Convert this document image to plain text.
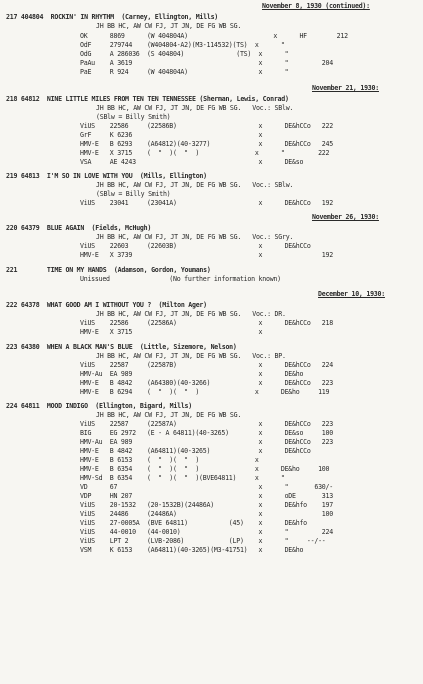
November 8, 1930 (continued):
217 404804  ROCKIN' IN RHYTHM  (Carney, Ellington, Mills)
JH BB HC, AW CW FJ, JT JN, DE FG WB SG.
OK      8869      (W 404804A)                       x      HF        212
OdF     279744    (W404804-A2)(M3-114532)(TS)  x      "
OdG     A 286036  (S 404804)              (TS)  x      "
PaAu    A 3619                                  x      "         204
PaE     R 924     (W 404804A)                   x      "
November 21, 1930:
218 64812  NINE LITTLE MILES FROM TEN TEN TENNESSEE (Sherman, Lewis, Conrad)
JH BB HC, AW CW FJ, JT JN, DE FG WB SG.   Voc.: SBlw.
(SBlw = Billy Smith)
ViUS    22586     (22586B)                      x      DE&hCCo   222
GrF     K 6236                                  x
HMV-E   B 6293    (A64812)(40-3277)             x      DE&hCCo   245
HMV-E   X 3715    (  "  )(  "  )               x      "         222
VSA     AE 4243                                 x      DE&so
219 64813  I'M SO IN LOVE WITH YOU  (Mills, Ellington)
JH BB HC, AW CW FJ, JT JN, DE FG WB SG.   Voc.: SBlw.
(SBlw = Billy Smith)
ViUS    23041     (23041A)                      x      DE&hCCo   192
November 26, 1930:
220 64379  BLUE AGAIN  (Fields, McHugh)
JH BB HC, AW CW FJ, JT JN, DE FG WB SG.   Voc.: SGry.
ViUS    22603     (22603B)                      x      DE&hCCo
HMV-E   X 3739                                  x                192
221        TIME ON MY HANDS  (Adamson, Gordon, Youmans)
Unissued                (No further information known)
December 10, 1930:
222 64378  WHAT GOOD AM I WITHOUT YOU ?  (Milton Ager)
JH BB HC, AW CW FJ, JT JN, DE FG WB SG.   Voc.: DR.
ViUS    22586     (22586A)                      x      DE&hCCo   218
HMV-E   X 3715                                  x
223 64380  WHEN A BLACK MAN'S BLUE  (Little, Sizemore, Nelson)
JH BB HC, AW CW FJ, JT JN, DE FG WB SG.   Voc.: BP.
ViUS    22587     (22587B)                      x      DE&hCCo   224
HMV-Au  EA 989                                  x      DE&ho
HMV-E   B 4842    (A64380)(40-3266)             x      DE&hCCo   223
HMV-E   B 6294    (  "  )(  "  )               x      DE&ho     119
224 64811  MOOD INDIGO  (Ellington, Bigard, Mills)
JH BB HC, AW CW FJ, JT JN, DE FG WB SG.
ViUS    22587     (22587A)                      x      DE&hCCo   223
BIG     EG 2972   (E - A 64811)(40-3265)        x      DE&so     100
HMV-Au  EA 989                                  x      DE&hCCo   223
HMV-E   B 4842    (A64811)(40-3265)             x      DE&hCCo
HMV-E   B 6153    (  "  )(  "  )               x
HMV-E   B 6354    (  "  )(  "  )               x      DE&ho     100
HMV-Sd  B 6354    (  "  )(  "  )(BVE64811)     x      "
VD      67                                      x      "       630/-
VDP     HN 207                                  x      oDE       313
ViUS    20-1532   (20-1532B)(24486A)            x      DE&hfo    197
ViUS    24486     (24486A)                      x                100
ViUS    27-0005A  (BVE 64811)           (45)    x      DE&hfo
ViUS    44-0010   (44-0010)                     x      "         224
ViUS    LPT 2     (LVB-2086)            (LP)    x      "     --/--
VSM     K 6153    (A64811)(40-3265)(M3-41751)   x      DE&ho
